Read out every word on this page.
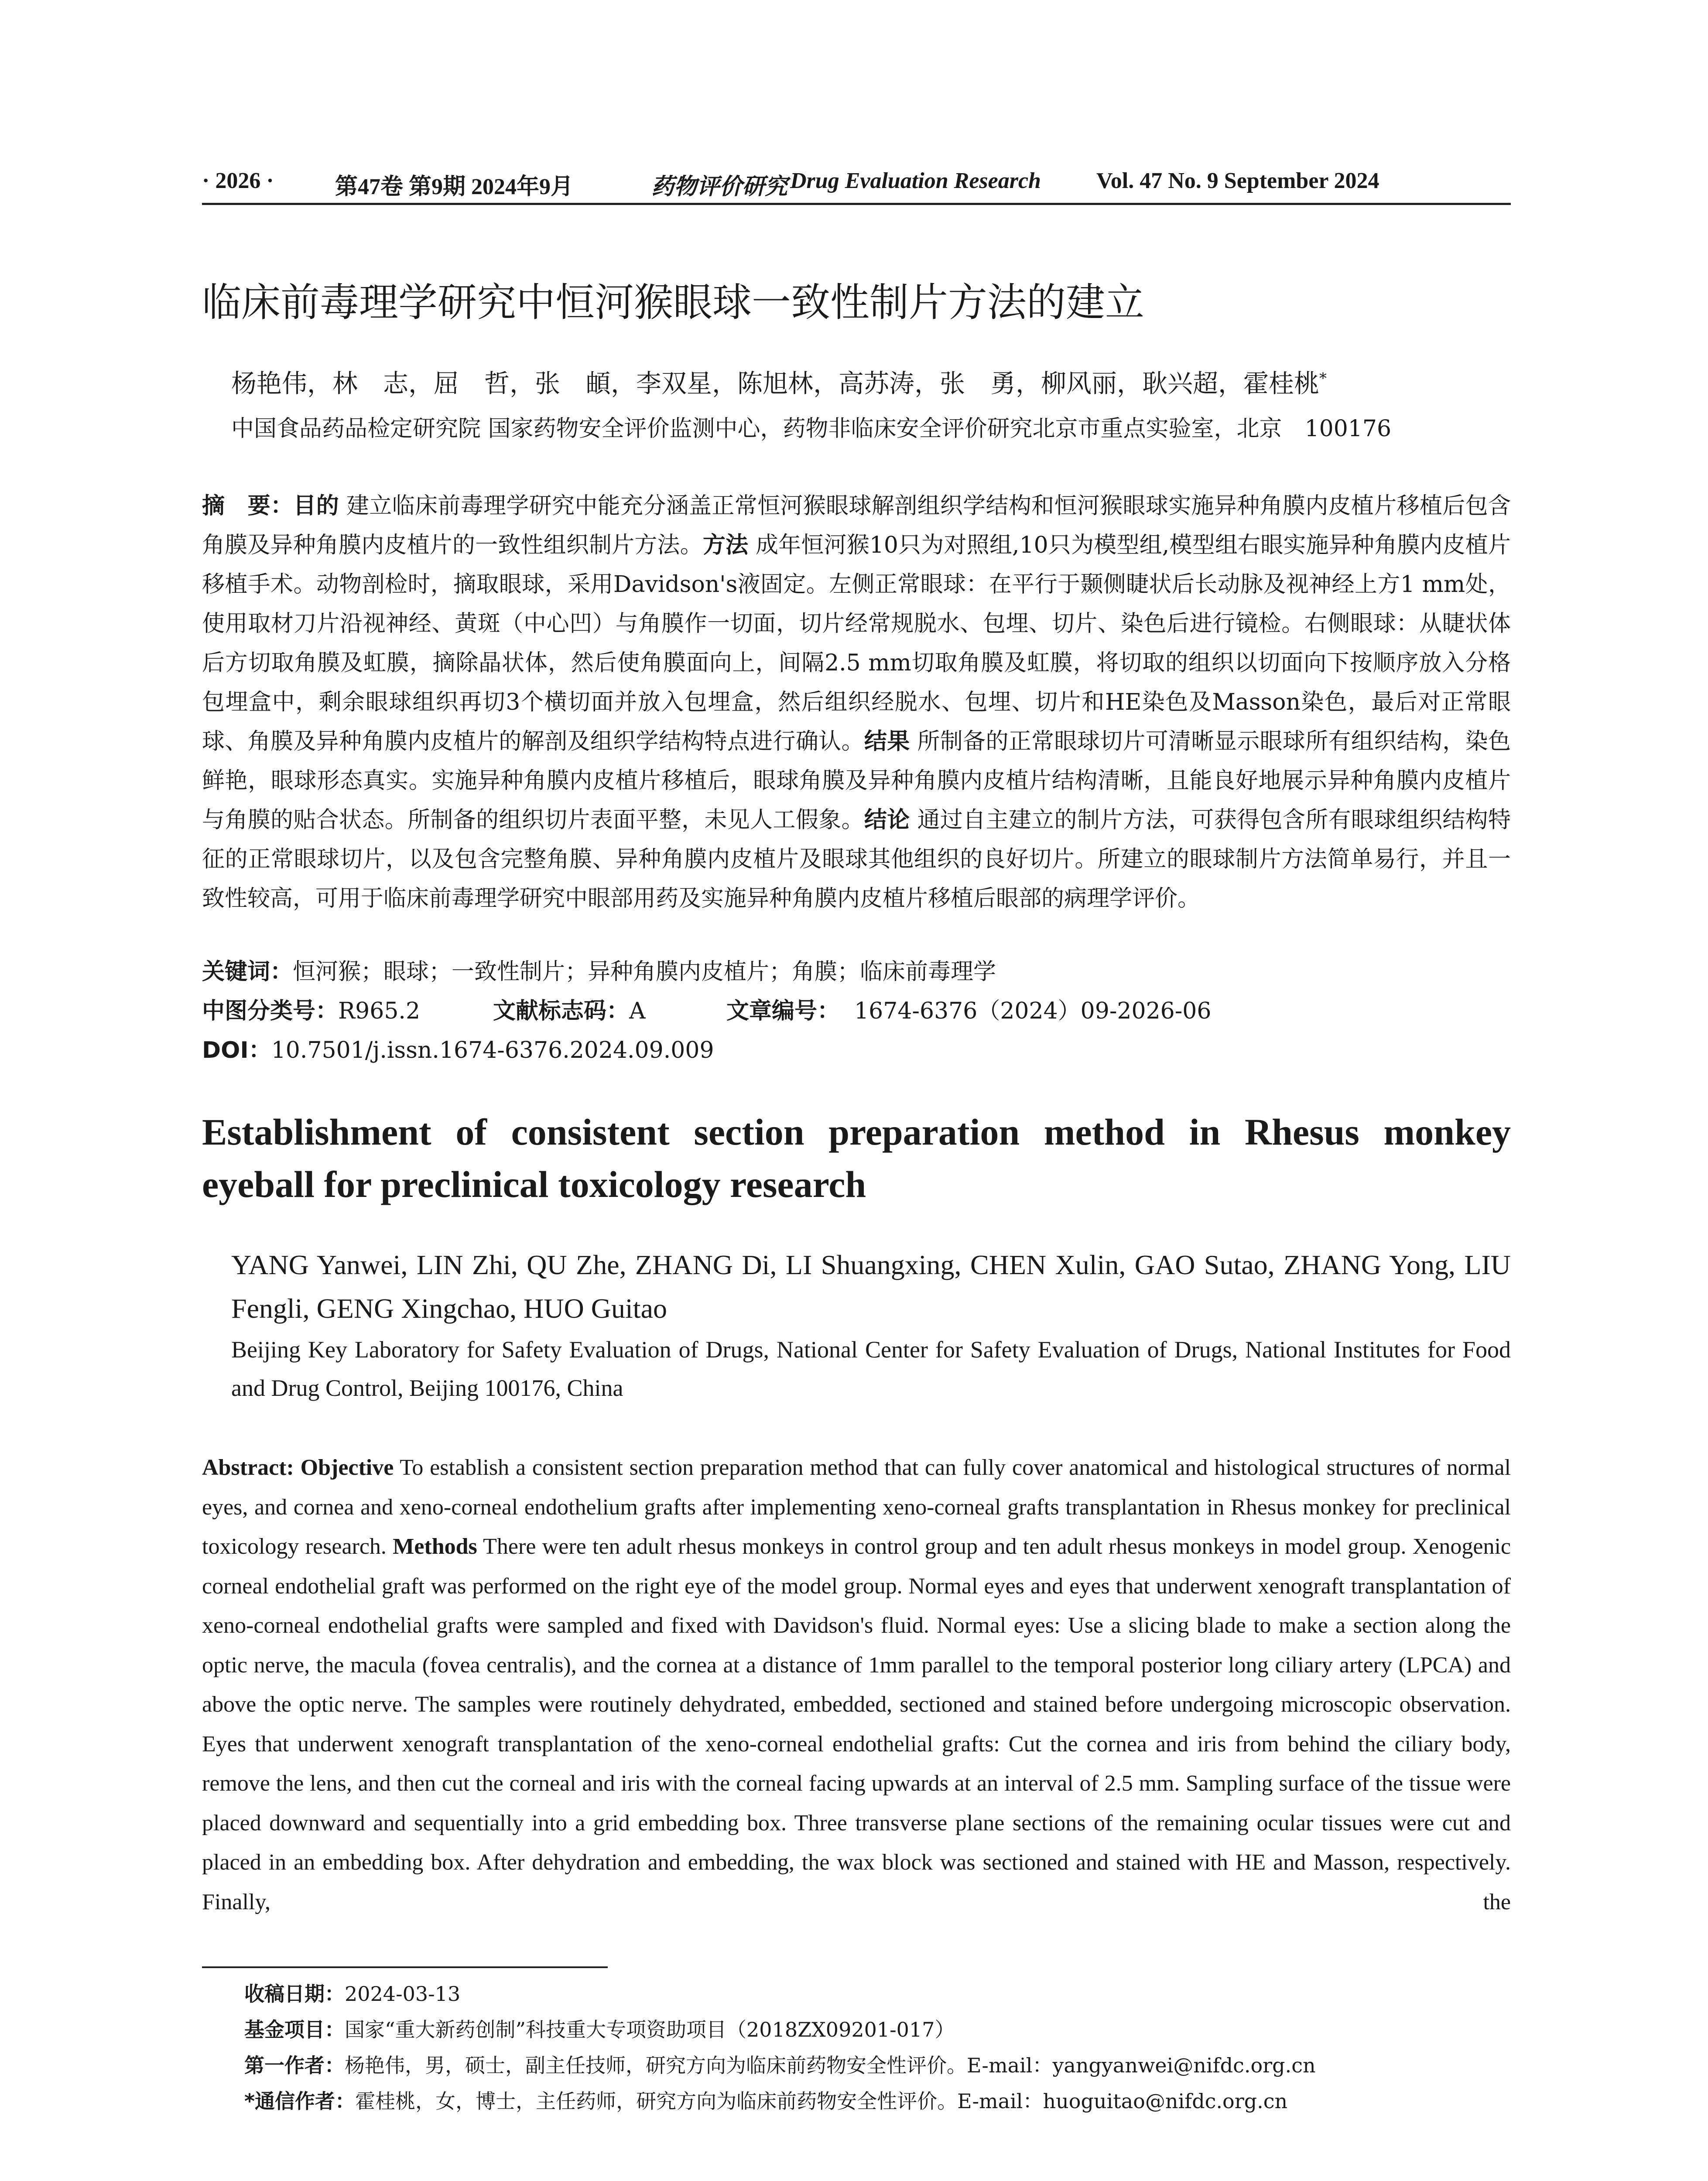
· 2026 ·	第47卷 第9期 2024年9月	药物评价研究 Drug Evaluation Research Vol. 47 No. 9 September 2024
临床前毒理学研究中恒河猴眼球一致性制片方法的建立
杨艳伟，林　志，屈　哲，张　頔，李双星，陈旭林，高苏涛，张　勇，柳风丽，耿兴超，霍桂桃*
中国食品药品检定研究院 国家药物安全评价监测中心，药物非临床安全评价研究北京市重点实验室，北京　100176
摘　要：目的 建立临床前毒理学研究中能充分涵盖正常恒河猴眼球解剖组织学结构和恒河猴眼球实施异种角膜内皮植片移植后包含角膜及异种角膜内皮植片的一致性组织制片方法。方法 成年恒河猴10只为对照组,10只为模型组,模型组右眼实施异种角膜内皮植片移植手术。动物剖检时，摘取眼球，采用Davidson's液固定。左侧正常眼球：在平行于颞侧睫状后长动脉及视神经上方1 mm处，使用取材刀片沿视神经、黄斑（中心凹）与角膜作一切面，切片经常规脱水、包埋、切片、染色后进行镜检。右侧眼球：从睫状体后方切取角膜及虹膜，摘除晶状体，然后使角膜面向上，间隔2.5 mm切取角膜及虹膜，将切取的组织以切面向下按顺序放入分格包埋盒中，剩余眼球组织再切3个横切面并放入包埋盒，然后组织经脱水、包埋、切片和HE染色及Masson染色，最后对正常眼球、角膜及异种角膜内皮植片的解剖及组织学结构特点进行确认。结果 所制备的正常眼球切片可清晰显示眼球所有组织结构，染色鲜艳，眼球形态真实。实施异种角膜内皮植片移植后，眼球角膜及异种角膜内皮植片结构清晰，且能良好地展示异种角膜内皮植片与角膜的贴合状态。所制备的组织切片表面平整，未见人工假象。结论 通过自主建立的制片方法，可获得包含所有眼球组织结构特征的正常眼球切片，以及包含完整角膜、异种角膜内皮植片及眼球其他组织的良好切片。所建立的眼球制片方法简单易行，并且一致性较高，可用于临床前毒理学研究中眼部用药及实施异种角膜内皮植片移植后眼部的病理学评价。
关键词：恒河猴；眼球；一致性制片；异种角膜内皮植片；角膜；临床前毒理学
中图分类号：R965.2	文献标志码：A	文章编号： 1674-6376（2024）09-2026-06
DOI：10.7501/j.issn.1674-6376.2024.09.009
Establishment of consistent section preparation method in Rhesus monkey
eyeball for preclinical toxicology research
YANG Yanwei, LIN Zhi, QU Zhe, ZHANG Di, LI Shuangxing, CHEN Xulin, GAO Sutao, ZHANG Yong, LIU Fengli, GENG Xingchao, HUO Guitao
Beijing Key Laboratory for Safety Evaluation of Drugs, National Center for Safety Evaluation of Drugs, National Institutes for Food and Drug Control, Beijing 100176, China
Abstract: Objective To establish a consistent section preparation method that can fully cover anatomical and histological structures of normal eyes, and cornea and xeno-corneal endothelium grafts after implementing xeno-corneal grafts transplantation in Rhesus monkey for preclinical toxicology research. Methods There were ten adult rhesus monkeys in control group and ten adult rhesus monkeys in model group. Xenogenic corneal endothelial graft was performed on the right eye of the model group. Normal eyes and eyes that underwent xenograft transplantation of xeno-corneal endothelial grafts were sampled and fixed with Davidson's fluid. Normal eyes: Use a slicing blade to make a section along the optic nerve, the macula (fovea centralis), and the cornea at a distance of 1mm parallel to the temporal posterior long ciliary artery (LPCA) and above the optic nerve. The samples were routinely dehydrated, embedded, sectioned and stained before undergoing microscopic observation. Eyes that underwent xenograft transplantation of the xeno-corneal endothelial grafts: Cut the cornea and iris from behind the ciliary body, remove the lens, and then cut the corneal and iris with the corneal facing upwards at an interval of 2.5 mm. Sampling surface of the tissue were placed downward and sequentially into a grid embedding box. Three transverse plane sections of the remaining ocular tissues were cut and placed in an embedding box. After dehydration and embedding, the wax block was sectioned and stained with HE and Masson, respectively. Finally, the
收稿日期：2024-03-13
基金项目：国家“重大新药创制”科技重大专项资助项目（2018ZX09201-017）
第一作者：杨艳伟，男，硕士，副主任技师，研究方向为临床前药物安全性评价。E-mail：yangyanwei@nifdc.org.cn
*通信作者：霍桂桃，女，博士，主任药师，研究方向为临床前药物安全性评价。E-mail：huoguitao@nifdc.org.cn
